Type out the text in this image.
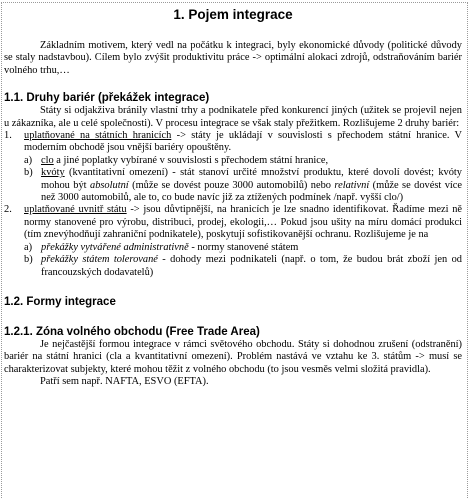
1. Pojem integrace

Základním motivem, který vedl na počátku k integraci, byly ekonomické důvody (politické důvody se staly nadstavbou). Cílem bylo zvýšit produktivitu práce -> optimální alokaci zdrojů, odstraňováním bariér volného trhu,…

1.1. Druhy bariér (překážek integrace)

Státy si odjakživa bránily vlastní trhy a podnikatele před konkurencí jiných (užitek se projevil nejen u zákazníka, ale u celé společnosti). V procesu integrace se však staly přežitkem. Rozlišujeme 2 druhy bariér:

1. uplatňované na státních hranicích -> státy je ukládají v souvislosti s přechodem státní hranice. V moderním obchodě jsou vnější bariéry opouštěny.
a) clo a jiné poplatky vybírané v souvislosti s přechodem státní hranice,
b) kvóty (kvantitativní omezení) - stát stanoví určité množství produktu, které dovolí dovést; kvóty mohou být absolutní (může se dovést pouze 3000 automobilů) nebo relativní (může se dovést více než 3000 automobilů, ale to, co bude navíc již za ztížených podmínek /např. vyšší clo/)
2. uplatňované uvnitř státu -> jsou důvtipnější, na hranicích je lze snadno identifikovat. Řadíme mezi ně normy stanovené pro výrobu, distribuci, prodej, ekologii,… Pokud jsou ušity na míru domácí produkci (tím znevýhodňují zahraniční podnikatele), poskytují sofistikovanější ochranu. Rozlišujeme je na
a) překážky vytvářené administrativně - normy stanovené státem
b) překážky státem tolerované - dohody mezi podnikateli (např. o tom, že budou brát zboží jen od francouzských dodavatelů)
1.2. Formy integrace
1.2.1. Zóna volného obchodu (Free Trade Area)

Je nejčastější formou integrace v rámci světového obchodu. Státy si dohodnou zrušení (odstranění) bariér na státní hranici (cla a kvantitativní omezení). Problém nastává ve vztahu ke 3. státům -> musí se charakterizovat subjekty, které mohou těžit z volného obchodu (to jsou vesměs velmi složitá pravidla).

Patří sem např. NAFTA, ESVO (EFTA).
